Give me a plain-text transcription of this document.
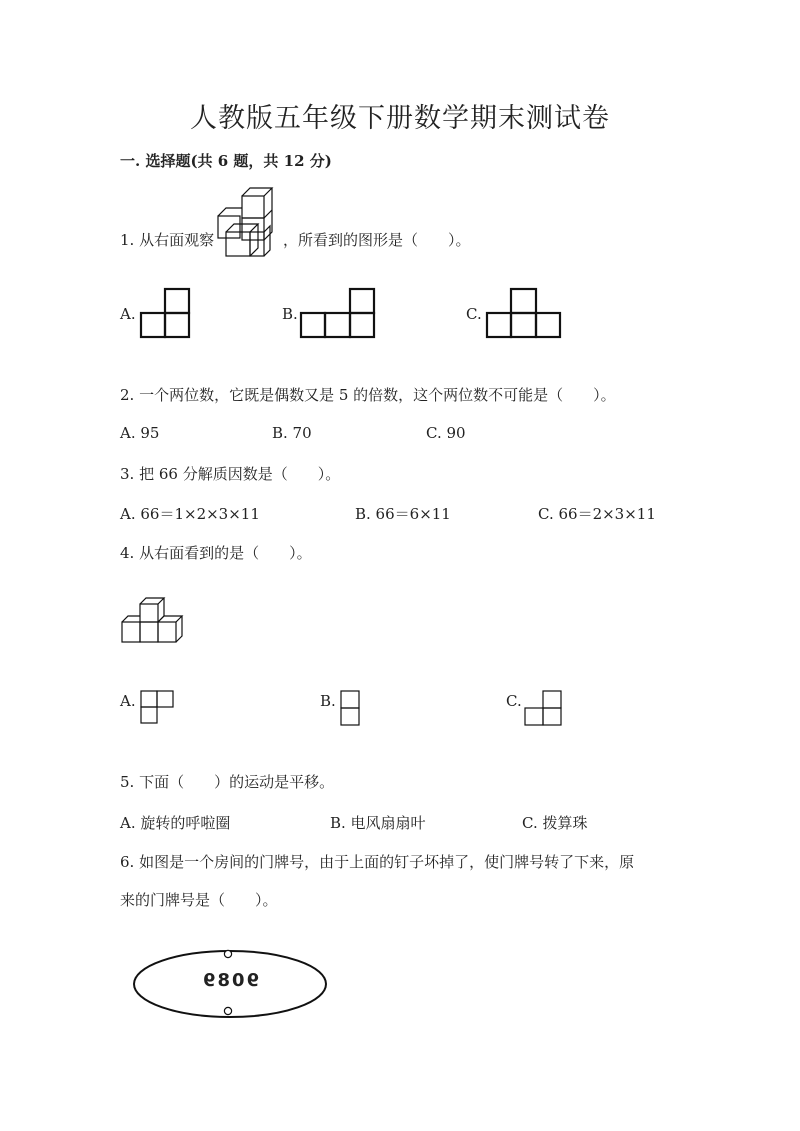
人教版五年级下册数学期末测试卷
一. 选择题(共 6 题，共 12 分)
1. 从右面观察	，所看到的图形是（　　）。
A.	B.	C.
2. 一个两位数，它既是偶数又是 5 的倍数，这个两位数不可能是（　　）。
A. 95	B. 70	C. 90
3. 把 66 分解质因数是（　　）。
A. 66＝1×2×3×11	B. 66＝6×11	C. 66＝2×3×11
4. 从右面看到的是（　　）。
A.	B.	C.
5. 下面（　　）的运动是平移。
A. 旋转的呼啦圈	B. 电风扇扇叶	C. 拨算珠
6. 如图是一个房间的门牌号，由于上面的钉子坏掉了，使门牌号转了下来，原
来的门牌号是（　　）。
9089
